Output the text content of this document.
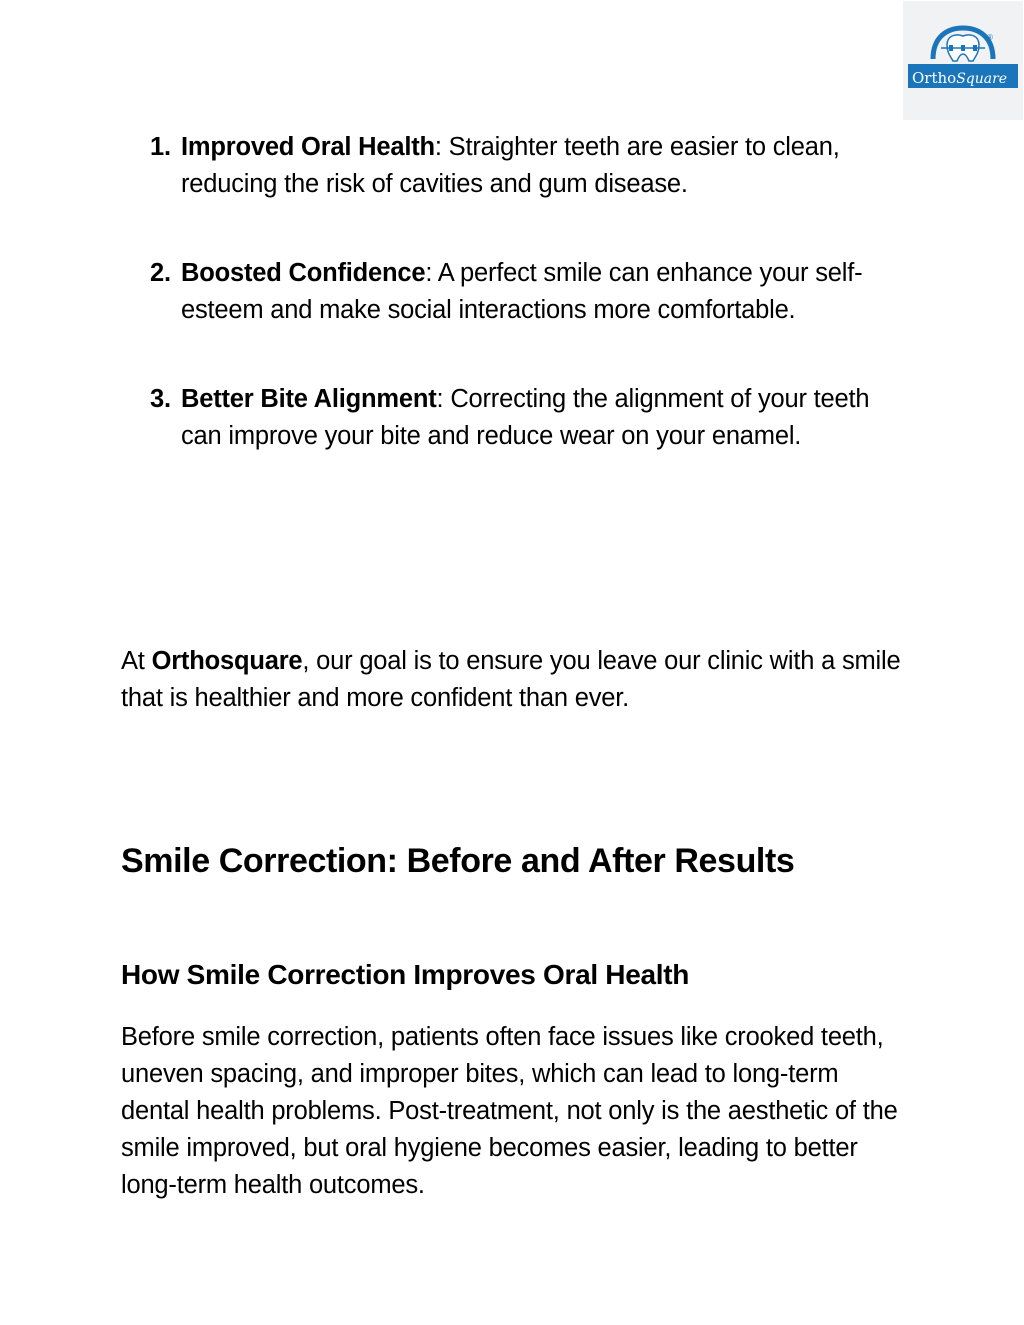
®
OrthoSquare
1. Improved Oral Health: Straighter teeth are easier to clean, reducing the risk of cavities and gum disease.
2. Boosted Confidence: A perfect smile can enhance your self-esteem and make social interactions more comfortable.
3. Better Bite Alignment: Correcting the alignment of your teeth can improve your bite and reduce wear on your enamel.

At Orthosquare, our goal is to ensure you leave our clinic with a smile that is healthier and more confident than ever.

Smile Correction: Before and After Results
How Smile Correction Improves Oral Health

Before smile correction, patients often face issues like crooked teeth, uneven spacing, and improper bites, which can lead to long-term dental health problems. Post-treatment, not only is the aesthetic of the smile improved, but oral hygiene becomes easier, leading to better long-term health outcomes.
